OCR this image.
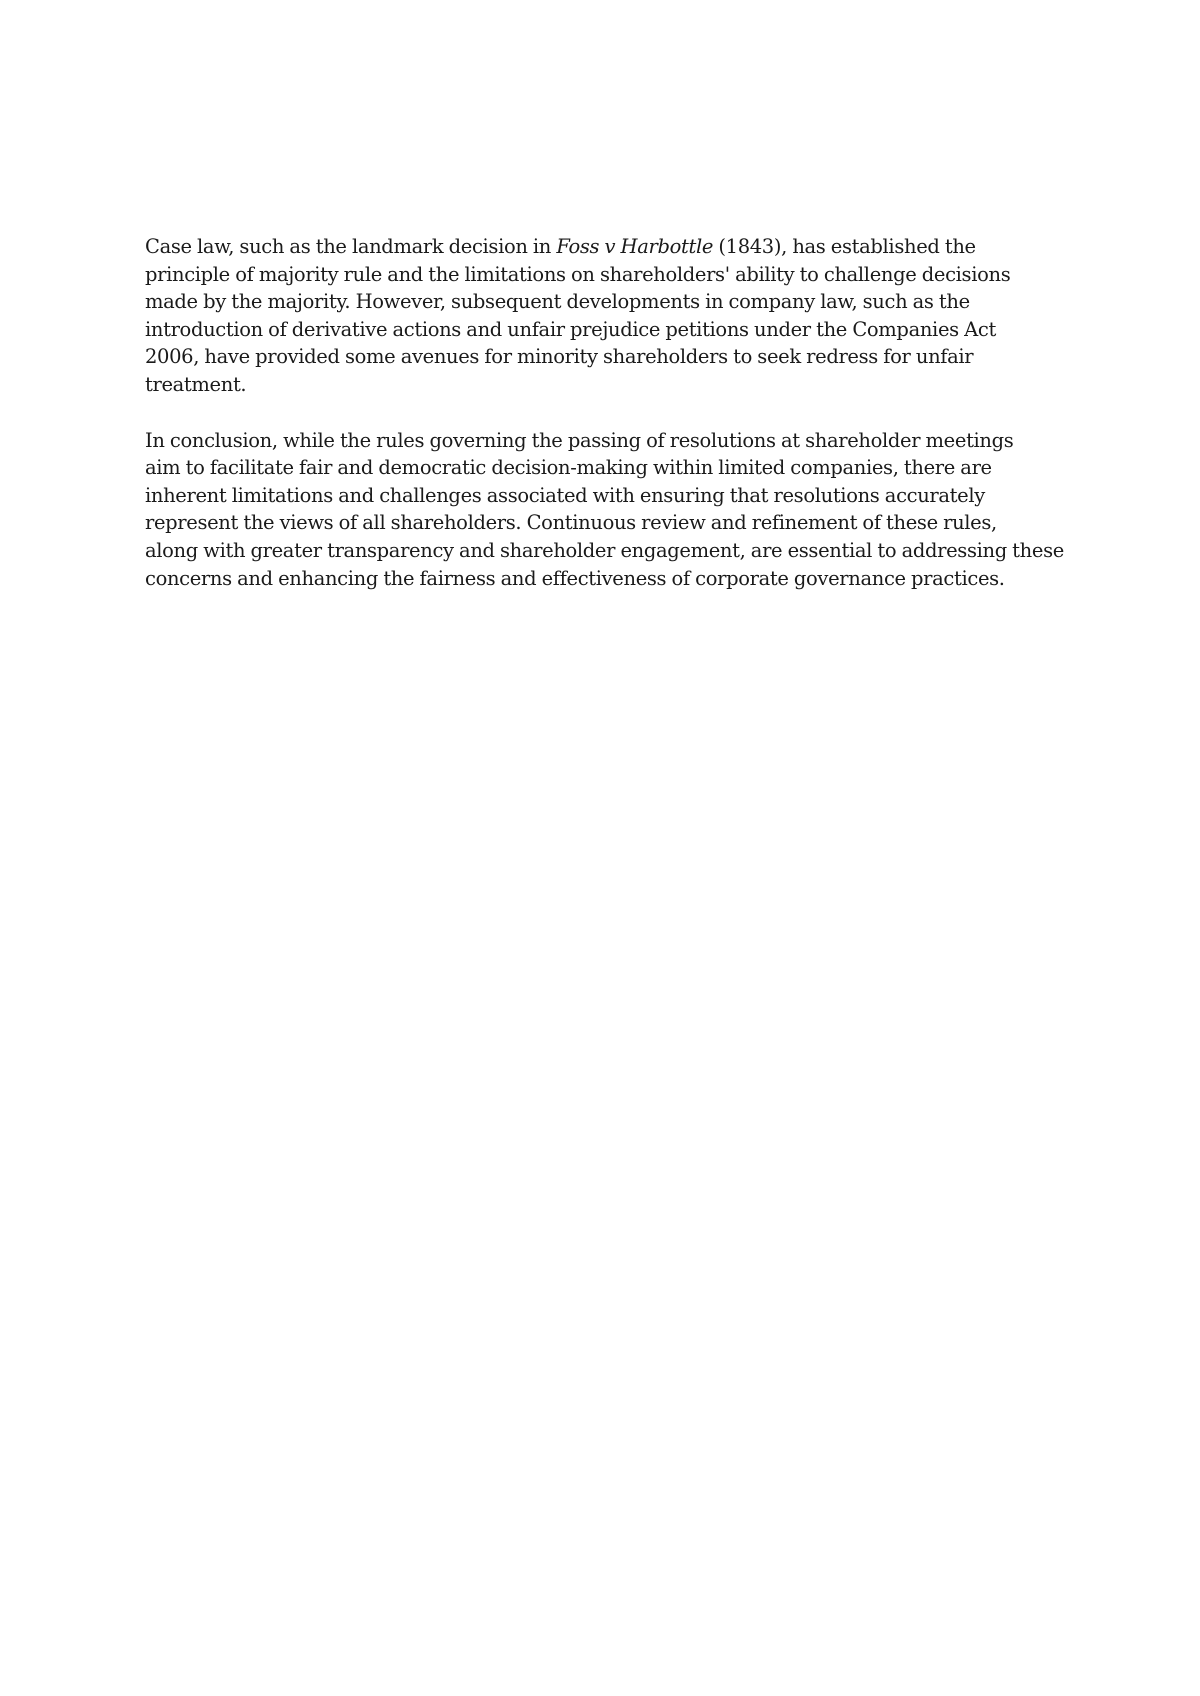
Case law, such as the landmark decision in Foss v Harbottle (1843), has established the
principle of majority rule and the limitations on shareholders' ability to challenge decisions
made by the majority. However, subsequent developments in company law, such as the
introduction of derivative actions and unfair prejudice petitions under the Companies Act
2006, have provided some avenues for minority shareholders to seek redress for unfair
treatment.

In conclusion, while the rules governing the passing of resolutions at shareholder meetings
aim to facilitate fair and democratic decision-making within limited companies, there are
inherent limitations and challenges associated with ensuring that resolutions accurately
represent the views of all shareholders. Continuous review and refinement of these rules,
along with greater transparency and shareholder engagement, are essential to addressing these
concerns and enhancing the fairness and effectiveness of corporate governance practices.
